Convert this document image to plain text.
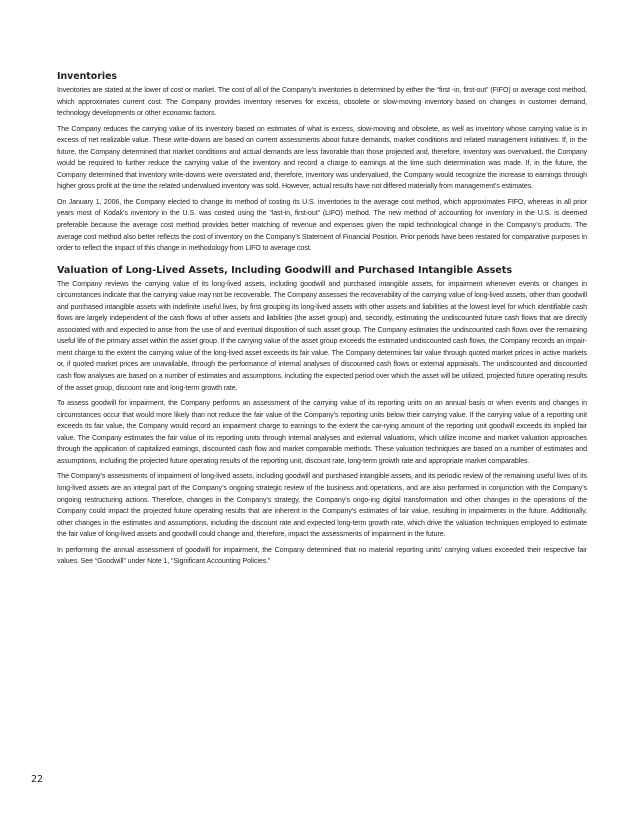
Inventories

Inventories are stated at the lower of cost or market. The cost of all of the Company’s inventories is determined by either the “first -in, first-out” (FIFO) or average cost method, which approximates current cost. The Company provides inventory reserves for excess, obsolete or slow-moving inventory based on changes in customer demand, technology developments or other economic factors.

The Company reduces the carrying value of its inventory based on estimates of what is excess, slow-moving and obsolete, as well as inventory whose carrying value is in excess of net realizable value. These write-downs are based on current assessments about future demands, market conditions and related management initiatives. If, in the future, the Company determined that market conditions and actual demands are less favorable than those projected and, therefore, inventory was overvalued, the Company would be required to further reduce the carrying value of the inventory and record a charge to earnings at the time such determination was made. If, in the future, the Company determined that inventory write-downs were overstated and, therefore, inventory was undervalued, the Company would recognize the increase to earnings through higher gross profit at the time the related undervalued inventory was sold. However, actual results have not differed materially from management’s estimates.

On January 1, 2006, the Company elected to change its method of costing its U.S. inventories to the average cost method, which approximates FIFO, whereas in all prior years most of Kodak’s inventory in the U.S. was costed using the “last-in, first-out” (LIFO) method. The new method of accounting for inventory in the U.S. is deemed preferable because the average cost method provides better matching of revenue and expenses given the rapid technological change in the Company’s products. The average cost method also better reflects the cost of inventory on the Company’s Statement of Financial Position. Prior periods have been restated for comparative purposes in order to reflect the impact of this change in methodology from LIFO to average cost.

Valuation of Long-Lived Assets, Including Goodwill and Purchased Intangible Assets

The Company reviews the carrying value of its long-lived assets, including goodwill and purchased intangible assets, for impairment whenever events or changes in circumstances indicate that the carrying value may not be recoverable. The Company assesses the recoverability of the carrying value of long-lived assets, other than goodwill and purchased intangible assets with indefinite useful lives, by first grouping its long-lived assets with other assets and liabilities at the lowest level for which identifiable cash flows are largely independent of the cash flows of other assets and liabilities (the asset group) and, secondly, estimating the undiscounted future cash flows that are directly associated with and expected to arise from the use of and eventual disposition of such asset group. The Company estimates the undiscounted cash flows over the remaining useful life of the primary asset within the asset group. If the carrying value of the asset group exceeds the estimated undiscounted cash flows, the Company records an impair-ment charge to the extent the carrying value of the long-lived asset exceeds its fair value. The Company determines fair value through quoted market prices in active markets or, if quoted market prices are unavailable, through the performance of internal analyses of discounted cash flows or external appraisals. The undiscounted and discounted cash flow analyses are based on a number of estimates and assumptions, including the expected period over which the asset will be utilized, projected future operating results of the asset group, discount rate and long-term growth rate.

To assess goodwill for impairment, the Company performs an assessment of the carrying value of its reporting units on an annual basis or when events and changes in circumstances occur that would more likely than not reduce the fair value of the Company’s reporting units below their carrying value. If the carrying value of a reporting unit exceeds its fair value, the Company would record an impairment charge to earnings to the extent the car-rying amount of the reporting unit goodwill exceeds its implied fair value. The Company estimates the fair value of its reporting units through internal analyses and external valuations, which utilize income and market valuation approaches through the application of capitalized earnings, discounted cash flow and market comparable methods. These valuation techniques are based on a number of estimates and assumptions, including the projected future operating results of the reporting unit, discount rate, long-term growth rate and appropriate market comparables.

The Company’s assessments of impairment of long-lived assets, including goodwill and purchased intangible assets, and its periodic review of the remaining useful lives of its long-lived assets are an integral part of the Company’s ongoing strategic review of the business and operations, and are also performed in conjunction with the Company’s ongoing restructuring actions. Therefore, changes in the Company’s strategy, the Company’s ongo-ing digital transformation and other changes in the operations of the Company could impact the projected future operating results that are inherent in the Company’s estimates of fair value, resulting in impairments in the future. Additionally, other changes in the estimates and assumptions, including the discount rate and expected long-term growth rate, which drive the valuation techniques employed to estimate the fair value of long-lived assets and goodwill could change and, therefore, impact the assessments of impairment in the future.

In performing the annual assessment of goodwill for impairment, the Company determined that no material reporting units’ carrying values exceeded their respective fair values. See “Goodwill” under Note 1, “Significant Accounting Policies.”

22
